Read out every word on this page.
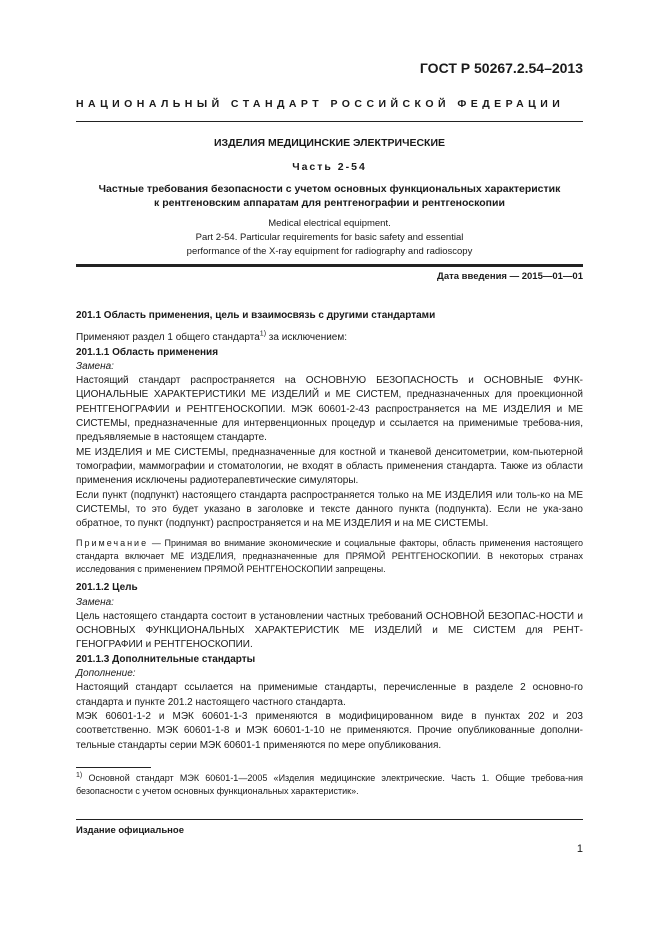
ГОСТ Р 50267.2.54–2013
НАЦИОНАЛЬНЫЙ СТАНДАРТ РОССИЙСКОЙ ФЕДЕРАЦИИ
ИЗДЕЛИЯ МЕДИЦИНСКИЕ ЭЛЕКТРИЧЕСКИЕ
Часть 2-54
Частные требования безопасности с учетом основных функциональных характеристик
к рентгеновским аппаратам для рентгенографии и рентгеноскопии
Medical electrical equipment.
Part 2-54. Particular requirements for basic safety and essential
performance of the X-ray equipment for radiography and radioscopy
Дата введения — 2015—01—01

201.1 Область применения, цель и взаимосвязь с другими стандартами

Применяют раздел 1 общего стандарта$^{1)}$ за исключением:

201.1.1 Область применения

Замена:

Настоящий стандарт распространяется на ОСНОВНУЮ БЕЗОПАСНОСТЬ и ОСНОВНЫЕ ФУНК-ЦИОНАЛЬНЫЕ ХАРАКТЕРИСТИКИ МЕ ИЗДЕЛИЙ и МЕ СИСТЕМ, предназначенных для проекционной РЕНТГЕНОГРАФИИ и РЕНТГЕНОСКОПИИ. МЭК 60601-2-43 распространяется на МЕ ИЗДЕЛИЯ и МЕ СИСТЕМЫ, предназначенные для интервенционных процедур и ссылается на применимые требова-ния, предъявляемые в настоящем стандарте.

МЕ ИЗДЕЛИЯ и МЕ СИСТЕМЫ, предназначенные для костной и тканевой денситометрии, ком-пьютерной томографии, маммографии и стоматологии, не входят в область применения стандарта. Также из области применения исключены радиотерапевтические симуляторы.

Если пункт (подпункт) настоящего стандарта распространяется только на МЕ ИЗДЕЛИЯ или толь-ко на МЕ СИСТЕМЫ, то это будет указано в заголовке и тексте данного пункта (подпункта). Если не ука-зано обратное, то пункт (подпункт) распространяется и на МЕ ИЗДЕЛИЯ и на МЕ СИСТЕМЫ.

Примечание — Принимая во внимание экономические и социальные факторы, область применения настоящего стандарта включает МЕ ИЗДЕЛИЯ, предназначенные для ПРЯМОЙ РЕНТГЕНОСКОПИИ. В некоторых странах исследования с применением ПРЯМОЙ РЕНТГЕНОСКОПИИ запрещены.

201.1.2 Цель

Замена:

Цель настоящего стандарта состоит в установлении частных требований ОСНОВНОЙ БЕЗОПАС-НОСТИ и ОСНОВНЫХ ФУНКЦИОНАЛЬНЫХ ХАРАКТЕРИСТИК МЕ ИЗДЕЛИЙ и МЕ СИСТЕМ для РЕНТ-ГЕНОГРАФИИ и РЕНТГЕНОСКОПИИ.

201.1.3 Дополнительные стандарты

Дополнение:

Настоящий стандарт ссылается на применимые стандарты, перечисленные в разделе 2 основно-го стандарта и пункте 201.2 настоящего частного стандарта.

МЭК 60601-1-2 и МЭК 60601-1-3 применяются в модифицированном виде в пунктах 202 и 203 соответственно. МЭК 60601-1-8 и МЭК 60601-1-10 не применяются. Прочие опубликованные дополни-тельные стандарты серии МЭК 60601-1 применяются по мере опубликования.

$^{1)}$ Основной стандарт МЭК 60601-1—2005 «Изделия медицинские электрические. Часть 1. Общие требова-ния безопасности с учетом основных функциональных характеристик».
Издание официальное
1
